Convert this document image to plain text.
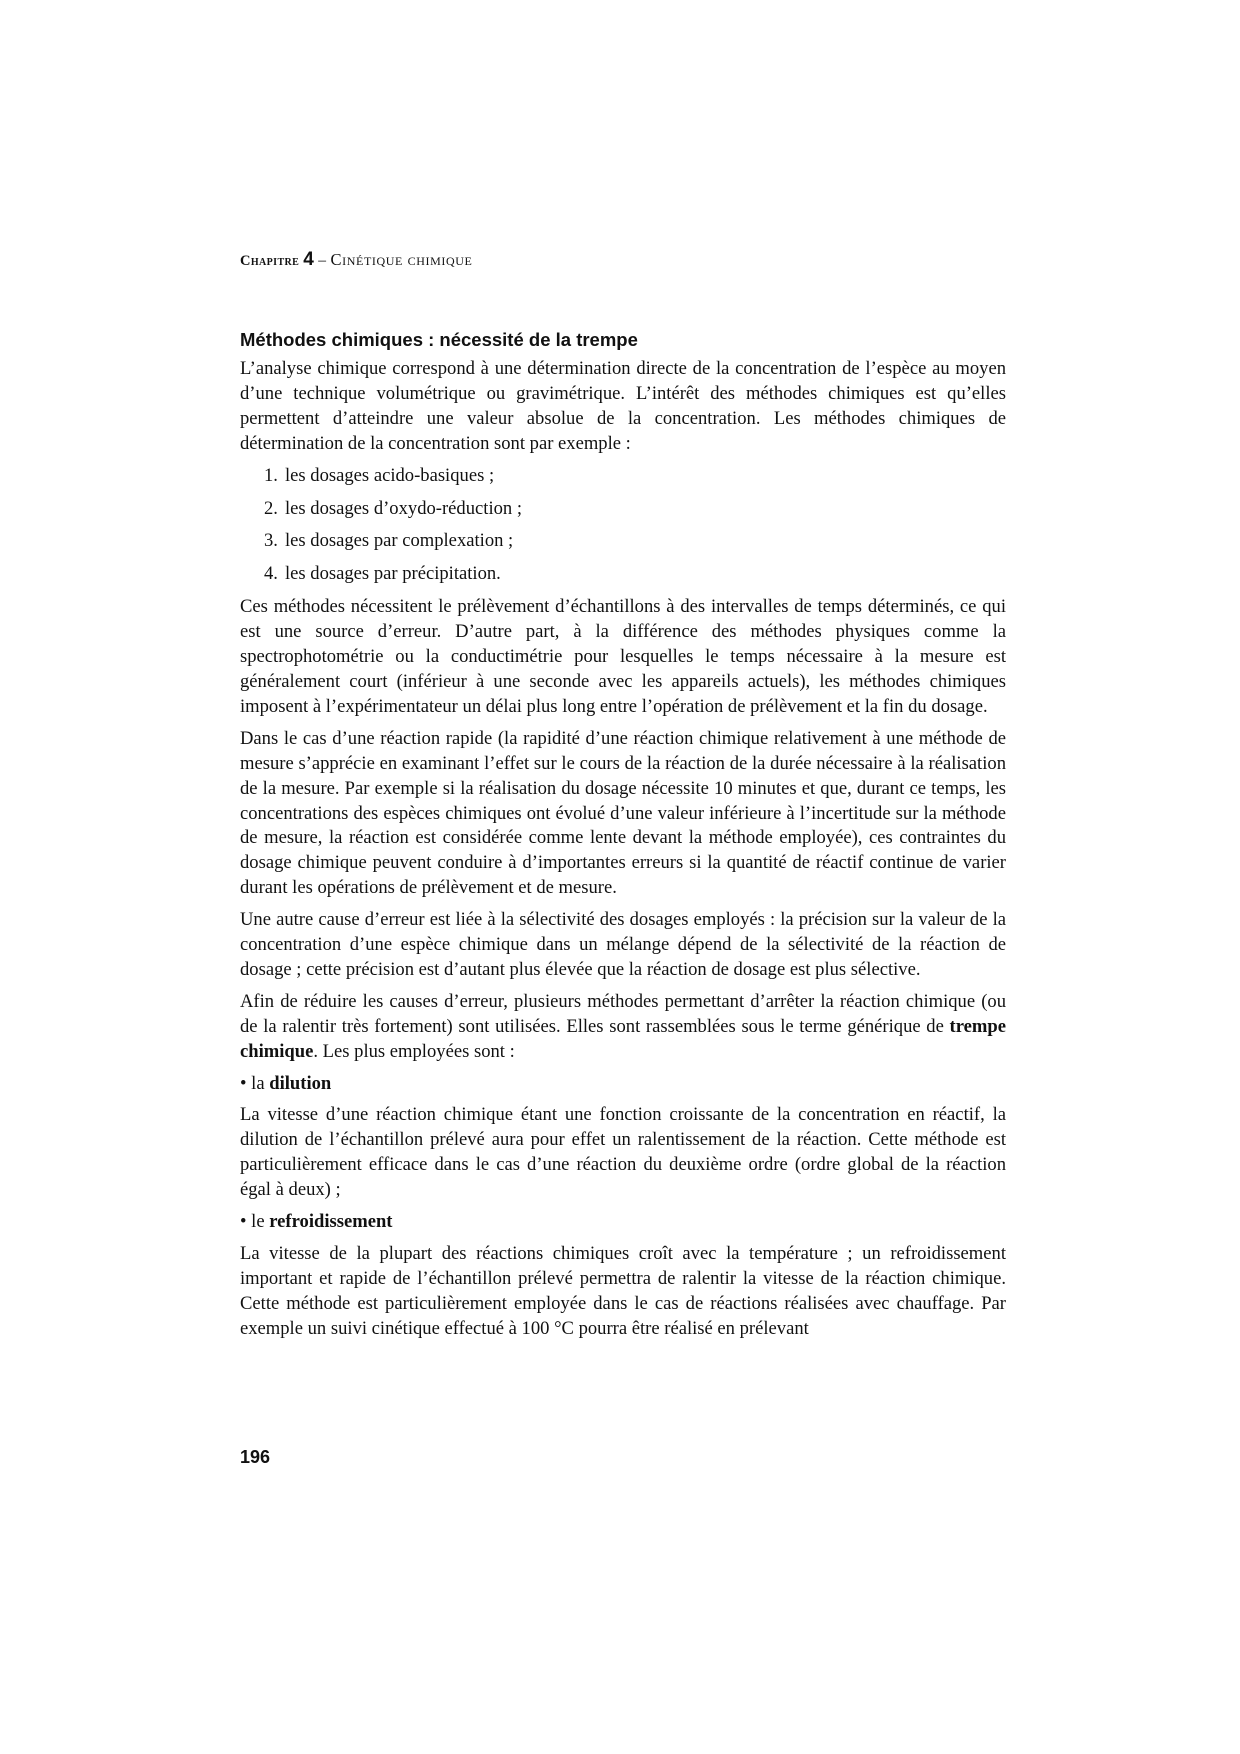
Chapitre 4 – Cinétique chimique
Méthodes chimiques : nécessité de la trempe

L’analyse chimique correspond à une détermination directe de la concentration de l’espèce au moyen d’une technique volumétrique ou gravimétrique. L’intérêt des méthodes chimiques est qu’elles permettent d’atteindre une valeur absolue de la concentration. Les méthodes chimiques de détermination de la concentration sont par exemple :

1. les dosages acido-basiques ;
2. les dosages d’oxydo-réduction ;
3. les dosages par complexation ;
4. les dosages par précipitation.

Ces méthodes nécessitent le prélèvement d’échantillons à des intervalles de temps déterminés, ce qui est une source d’erreur. D’autre part, à la différence des méthodes physiques comme la spectrophotométrie ou la conductimétrie pour lesquelles le temps nécessaire à la mesure est généralement court (inférieur à une seconde avec les appareils actuels), les méthodes chimiques imposent à l’expérimentateur un délai plus long entre l’opération de prélèvement et la fin du dosage.

Dans le cas d’une réaction rapide (la rapidité d’une réaction chimique relativement à une méthode de mesure s’apprécie en examinant l’effet sur le cours de la réaction de la durée nécessaire à la réalisation de la mesure. Par exemple si la réalisation du dosage nécessite 10 minutes et que, durant ce temps, les concentrations des espèces chimiques ont évolué d’une valeur inférieure à l’incertitude sur la méthode de mesure, la réaction est considérée comme lente devant la méthode employée), ces contraintes du dosage chimique peuvent conduire à d’importantes erreurs si la quantité de réactif continue de varier durant les opérations de prélèvement et de mesure.

Une autre cause d’erreur est liée à la sélectivité des dosages employés : la précision sur la valeur de la concentration d’une espèce chimique dans un mélange dépend de la sélectivité de la réaction de dosage ; cette précision est d’autant plus élevée que la réaction de dosage est plus sélective.

Afin de réduire les causes d’erreur, plusieurs méthodes permettant d’arrêter la réaction chimique (ou de la ralentir très fortement) sont utilisées. Elles sont rassemblées sous le terme générique de trempe chimique. Les plus employées sont :

• la dilution

La vitesse d’une réaction chimique étant une fonction croissante de la concentration en réactif, la dilution de l’échantillon prélevé aura pour effet un ralentissement de la réaction. Cette méthode est particulièrement efficace dans le cas d’une réaction du deuxième ordre (ordre global de la réaction égal à deux) ;

• le refroidissement

La vitesse de la plupart des réactions chimiques croît avec la température ; un refroidissement important et rapide de l’échantillon prélevé permettra de ralentir la vitesse de la réaction chimique. Cette méthode est particulièrement employée dans le cas de réactions réalisées avec chauffage. Par exemple un suivi cinétique effectué à 100 °C pourra être réalisé en prélevant

196
